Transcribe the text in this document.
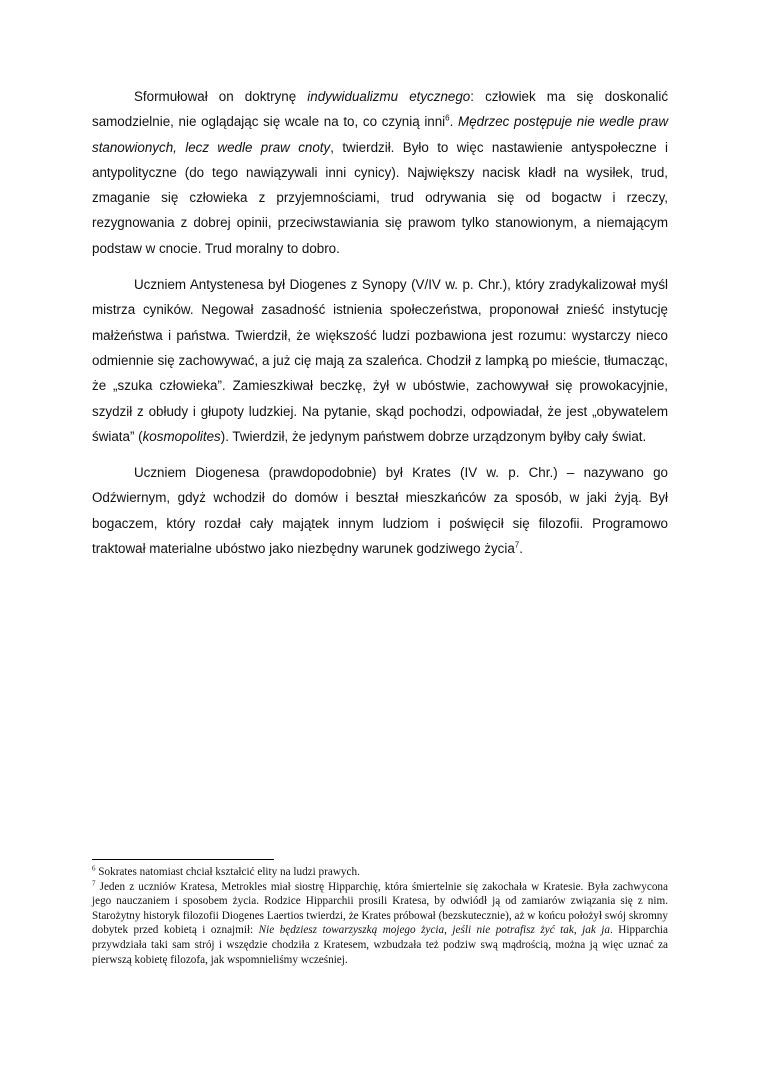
Sformułował on doktrynę indywidualizmu etycznego: człowiek ma się doskonalić samodzielnie, nie oglądając się wcale na to, co czynią inni$^6$. Mędrzec postępuje nie wedle praw stanowionych, lecz wedle praw cnoty, twierdził. Było to więc nastawienie antyspołeczne i antypolityczne (do tego nawiązywali inni cynicy). Największy nacisk kładł na wysiłek, trud, zmaganie się człowieka z przyjemnościami, trud odrywania się od bogactw i rzeczy, rezygnowania z dobrej opinii, przeciwstawiania się prawom tylko stanowionym, a niemającym podstaw w cnocie. Trud moralny to dobro.

Uczniem Antystenesa był Diogenes z Synopy (V/IV w. p. Chr.), który zradykalizował myśl mistrza cyników. Negował zasadność istnienia społeczeństwa, proponował znieść instytucję małżeństwa i państwa. Twierdził, że większość ludzi pozbawiona jest rozumu: wystarczy nieco odmiennie się zachowywać, a już cię mają za szaleńca. Chodził z lampką po mieście, tłumacząc, że „szuka człowieka”. Zamieszkiwał beczkę, żył w ubóstwie, zachowywał się prowokacyjnie, szydził z obłudy i głupoty ludzkiej. Na pytanie, skąd pochodzi, odpowiadał, że jest „obywatelem świata” (kosmopolites). Twierdził, że jedynym państwem dobrze urządzonym byłby cały świat.

Uczniem Diogenesa (prawdopodobnie) był Krates (IV w. p. Chr.) – nazywano go Odźwiernym, gdyż wchodził do domów i beształ mieszkańców za sposób, w jaki żyją. Był bogaczem, który rozdał cały majątek innym ludziom i poświęcił się filozofii. Programowo traktował materialne ubóstwo jako niezbędny warunek godziwego życia$^7$.

$^6$ Sokrates natomiast chciał kształcić elity na ludzi prawych.

$^7$ Jeden z uczniów Kratesa, Metrokles miał siostrę Hipparchię, która śmiertelnie się zakochała w Kratesie. Była zachwycona jego nauczaniem i sposobem życia. Rodzice Hipparchii prosili Kratesa, by odwiódł ją od zamiarów związania się z nim. Starożytny historyk filozofii Diogenes Laertios twierdzi, że Krates próbował (bezskutecznie), aż w końcu położył swój skromny dobytek przed kobietą i oznajmił: Nie będziesz towarzyszką mojego życia, jeśli nie potrafisz żyć tak, jak ja. Hipparchia przywdziała taki sam strój i wszędzie chodziła z Kratesem, wzbudzała też podziw swą mądrością, można ją więc uznać za pierwszą kobietę filozofa, jak wspomnieliśmy wcześniej.
